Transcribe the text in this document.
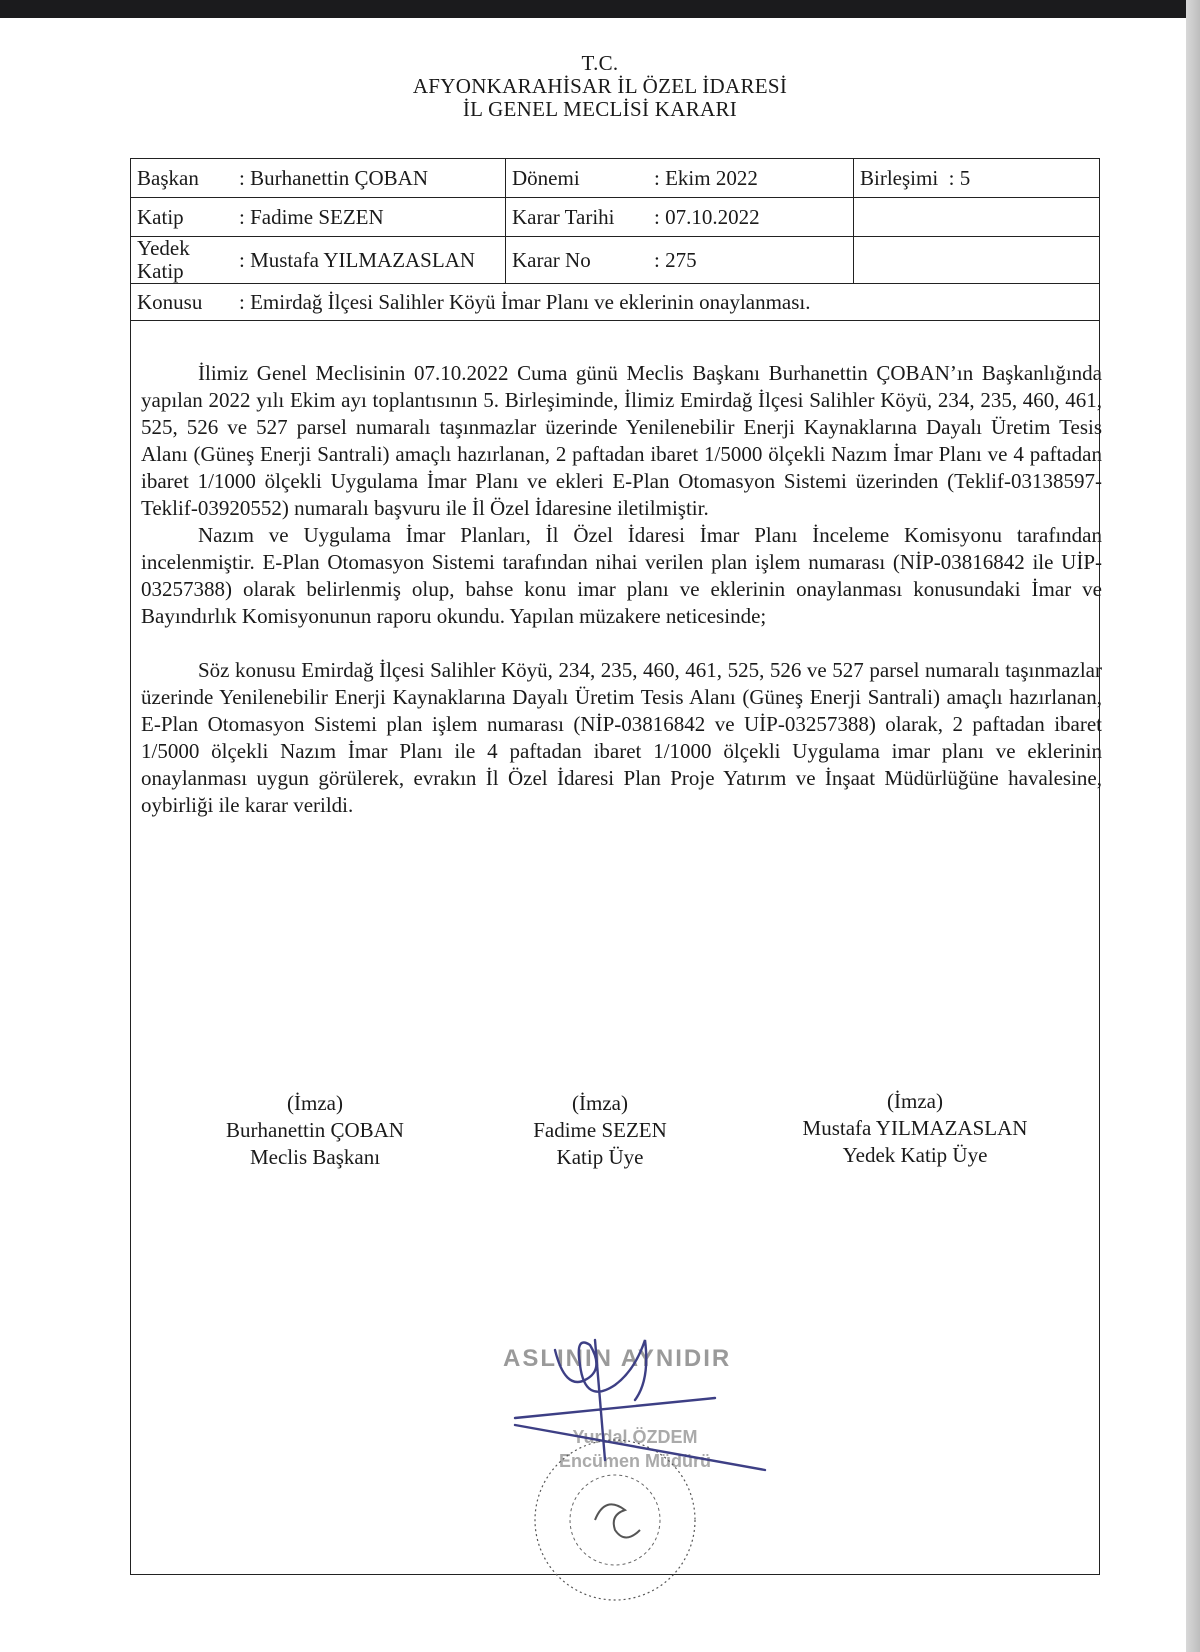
T.C.
AFYONKARAHİSAR İL ÖZEL İDARESİ
İL GENEL MECLİSİ KARARI
Başkan	: Burhanettin ÇOBAN	Dönemi	: Ekim 2022	Birleşimi : 5
Katip	: Fadime SEZEN	Karar Tarihi	: 07.10.2022	
Yedek Katip	: Mustafa YILMAZASLAN	Karar No	: 275	
Konusu	: Emirdağ İlçesi Salihler Köyü İmar Planı ve eklerinin onaylanması.			

İlimiz Genel Meclisinin 07.10.2022 Cuma günü Meclis Başkanı Burhanettin ÇOBAN’ın Başkanlığında yapılan 2022 yılı Ekim ayı toplantısının 5. Birleşiminde, İlimiz Emirdağ İlçesi Salihler Köyü, 234, 235, 460, 461, 525, 526 ve 527 parsel numaralı taşınmazlar üzerinde Yenilenebilir Enerji Kaynaklarına Dayalı Üretim Tesis Alanı (Güneş Enerji Santrali) amaçlı hazırlanan, 2 paftadan ibaret 1/5000 ölçekli Nazım İmar Planı ve 4 paftadan ibaret 1/1000 ölçekli Uygulama İmar Planı ve ekleri E-Plan Otomasyon Sistemi üzerinden (Teklif-03138597-Teklif-03920552) numaralı başvuru ile İl Özel İdaresine iletilmiştir.

Nazım ve Uygulama İmar Planları, İl Özel İdaresi İmar Planı İnceleme Komisyonu tarafından incelenmiştir. E-Plan Otomasyon Sistemi tarafından nihai verilen plan işlem numarası (NİP-03816842 ile UİP-03257388) olarak belirlenmiş olup, bahse konu imar planı ve eklerinin onaylanması konusundaki İmar ve Bayındırlık Komisyonunun raporu okundu. Yapılan müzakere neticesinde;

Söz konusu Emirdağ İlçesi Salihler Köyü, 234, 235, 460, 461, 525, 526 ve 527 parsel numaralı taşınmazlar üzerinde Yenilenebilir Enerji Kaynaklarına Dayalı Üretim Tesis Alanı (Güneş Enerji Santrali) amaçlı hazırlanan, E-Plan Otomasyon Sistemi plan işlem numarası (NİP-03816842 ve UİP-03257388) olarak, 2 paftadan ibaret 1/5000 ölçekli Nazım İmar Planı ile 4 paftadan ibaret 1/1000 ölçekli Uygulama imar planı ve eklerinin onaylanması uygun görülerek, evrakın İl Özel İdaresi Plan Proje Yatırım ve İnşaat Müdürlüğüne havalesine, oybirliği ile karar verildi.

(İmza)
Burhanettin ÇOBAN
Meclis Başkanı
(İmza)
Fadime SEZEN
Katip Üye
(İmza)
Mustafa YILMAZASLAN
Yedek Katip Üye
ASLININ AYNIDIR
Yurdal ÖZDEM
Encümen Müdürü
